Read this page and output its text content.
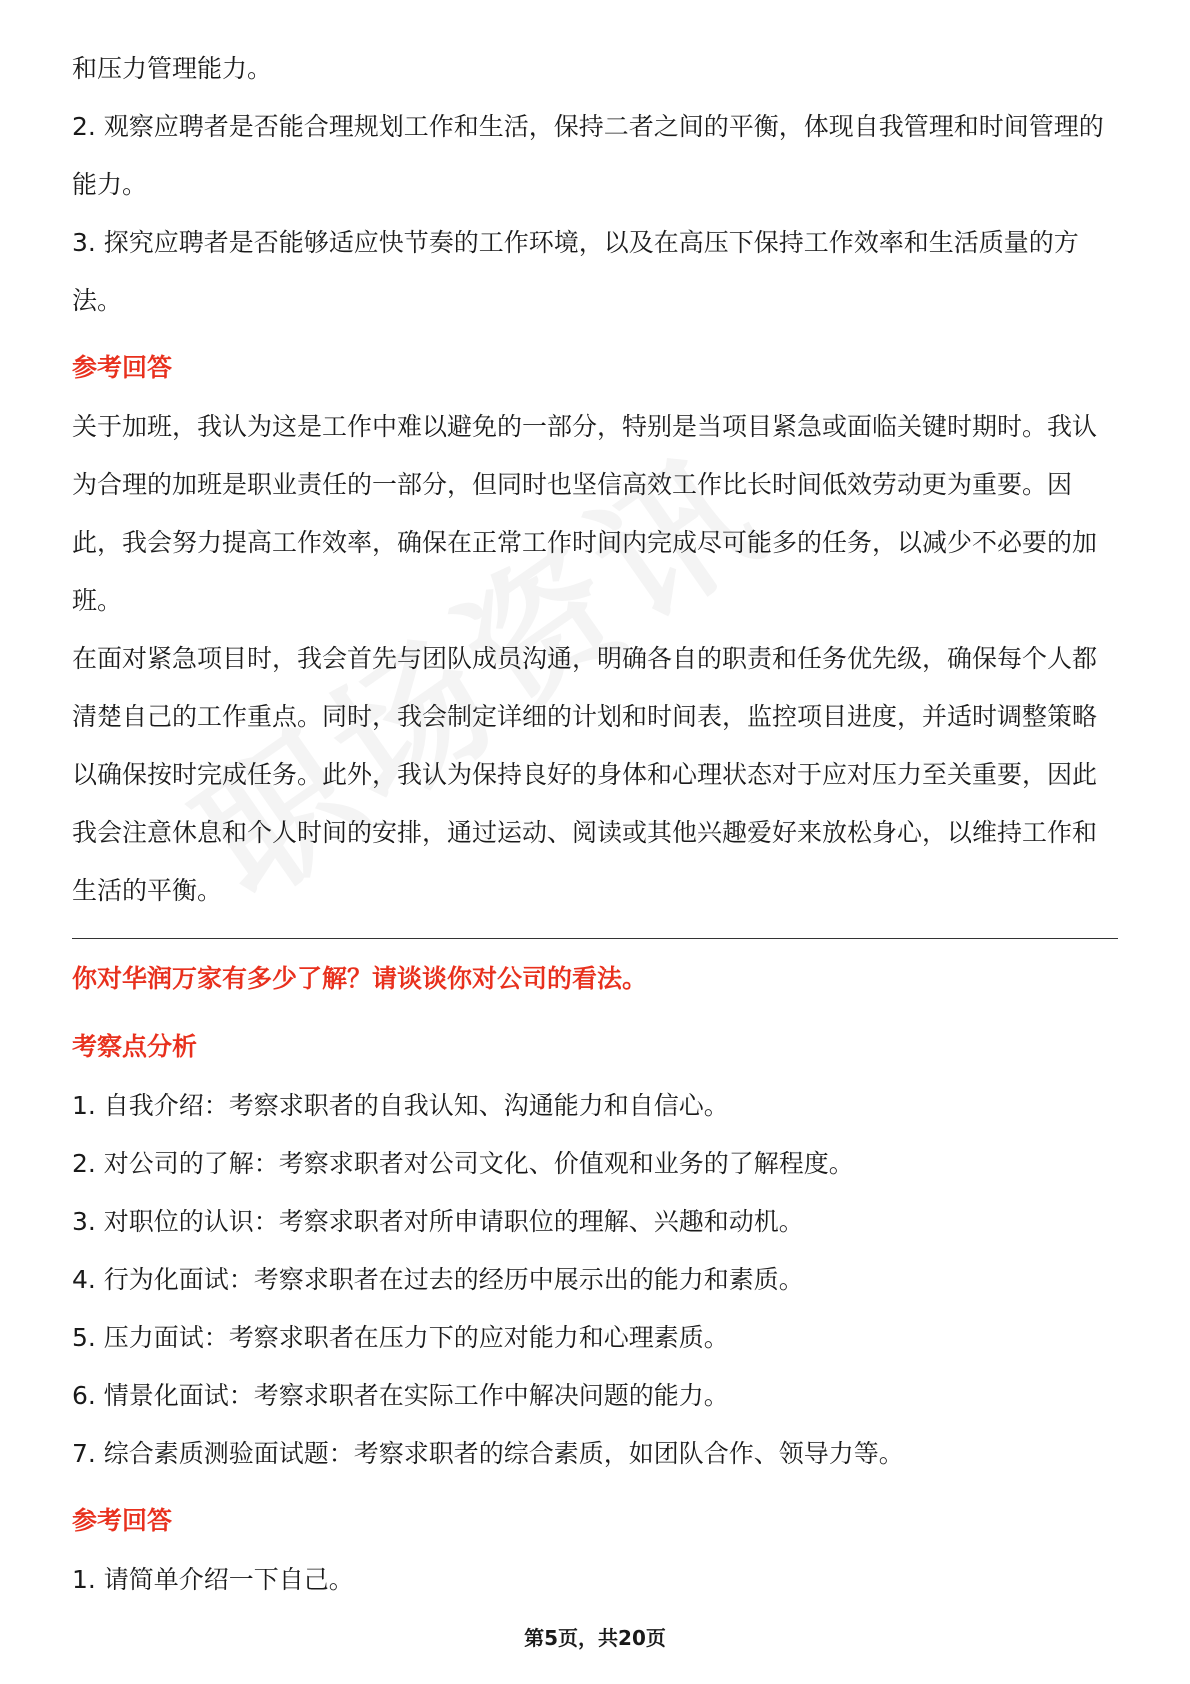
和压力管理能力。

2. 观察应聘者是否能合理规划工作和生活，保持二者之间的平衡，体现自我管理和时间管理的能力。

3. 探究应聘者是否能够适应快节奏的工作环境，以及在高压下保持工作效率和生活质量的方法。

参考回答

关于加班，我认为这是工作中难以避免的一部分，特别是当项目紧急或面临关键时期时。我认为合理的加班是职业责任的一部分，但同时也坚信高效工作比长时间低效劳动更为重要。因此，我会努力提高工作效率，确保在正常工作时间内完成尽可能多的任务，以减少不必要的加班。

在面对紧急项目时，我会首先与团队成员沟通，明确各自的职责和任务优先级，确保每个人都清楚自己的工作重点。同时，我会制定详细的计划和时间表，监控项目进度，并适时调整策略以确保按时完成任务。此外，我认为保持良好的身体和心理状态对于应对压力至关重要，因此我会注意休息和个人时间的安排，通过运动、阅读或其他兴趣爱好来放松身心，以维持工作和生活的平衡。

你对华润万家有多少了解？请谈谈你对公司的看法。
考察点分析

1. 自我介绍：考察求职者的自我认知、沟通能力和自信心。

2. 对公司的了解：考察求职者对公司文化、价值观和业务的了解程度。

3. 对职位的认识：考察求职者对所申请职位的理解、兴趣和动机。

4. 行为化面试：考察求职者在过去的经历中展示出的能力和素质。

5. 压力面试：考察求职者在压力下的应对能力和心理素质。

6. 情景化面试：考察求职者在实际工作中解决问题的能力。

7. 综合素质测验面试题：考察求职者的综合素质，如团队合作、领导力等。

参考回答

1. 请简单介绍一下自己。

第5页，共20页
